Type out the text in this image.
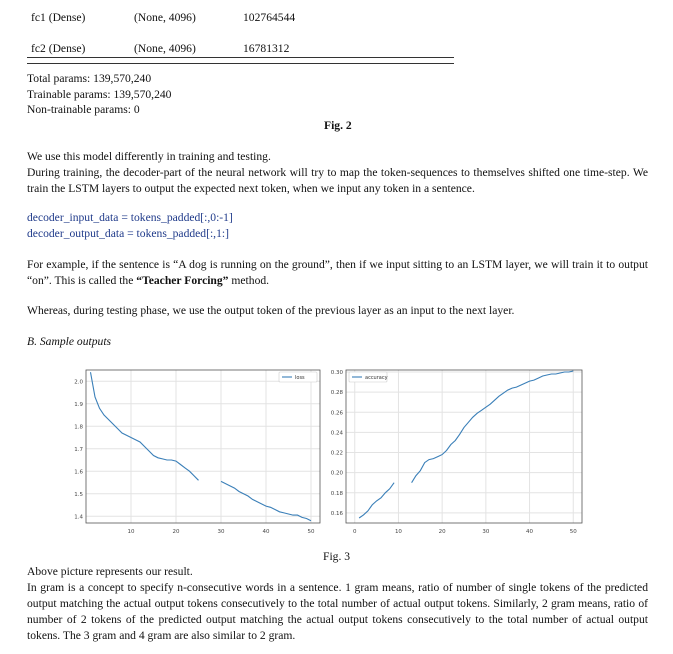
fc1 (Dense)	(None, 4096)	102764544
fc2 (Dense)	(None, 4096)	16781312
Total params: 139,570,240
Trainable params: 139,570,240
Non-trainable params: 0
Fig. 2
We use this model differently in training and testing.
During training, the decoder-part of the neural network will try to map the token-sequences to themselves shifted one time-step. We train the LSTM layers to output the expected next token, when we input any token in a sentence.
decoder_input_data = tokens_padded[:,0:-1]
decoder_output_data = tokens_padded[:,1:]
For example, if the sentence is “A dog is running on the ground”, then if we input sitting to an LSTM layer, we will train it to output “on”. This is called the “Teacher Forcing” method.
Whereas, during testing phase, we use the output token of the previous layer as an input to the next layer.
B. Sample outputs
10	20	30	40	50
1.4
1.5
1.6
1.7
1.8
1.9
2.0
loss
0	10	20	30	40	50
0.16
0.18
0.20
0.22
0.24
0.26
0.28
0.30
accuracy
Fig. 3
Above picture represents our result.
In gram is a concept to specify n-consecutive words in a sentence. 1 gram means, ratio of number of single tokens of the predicted output matching the actual output tokens consecutively to the total number of actual output tokens. Similarly, 2 gram means, ratio of number of 2 tokens of the predicted output matching the actual output tokens consecutively to the total number of actual output tokens. The 3 gram and 4 gram are also similar to 2 gram.
